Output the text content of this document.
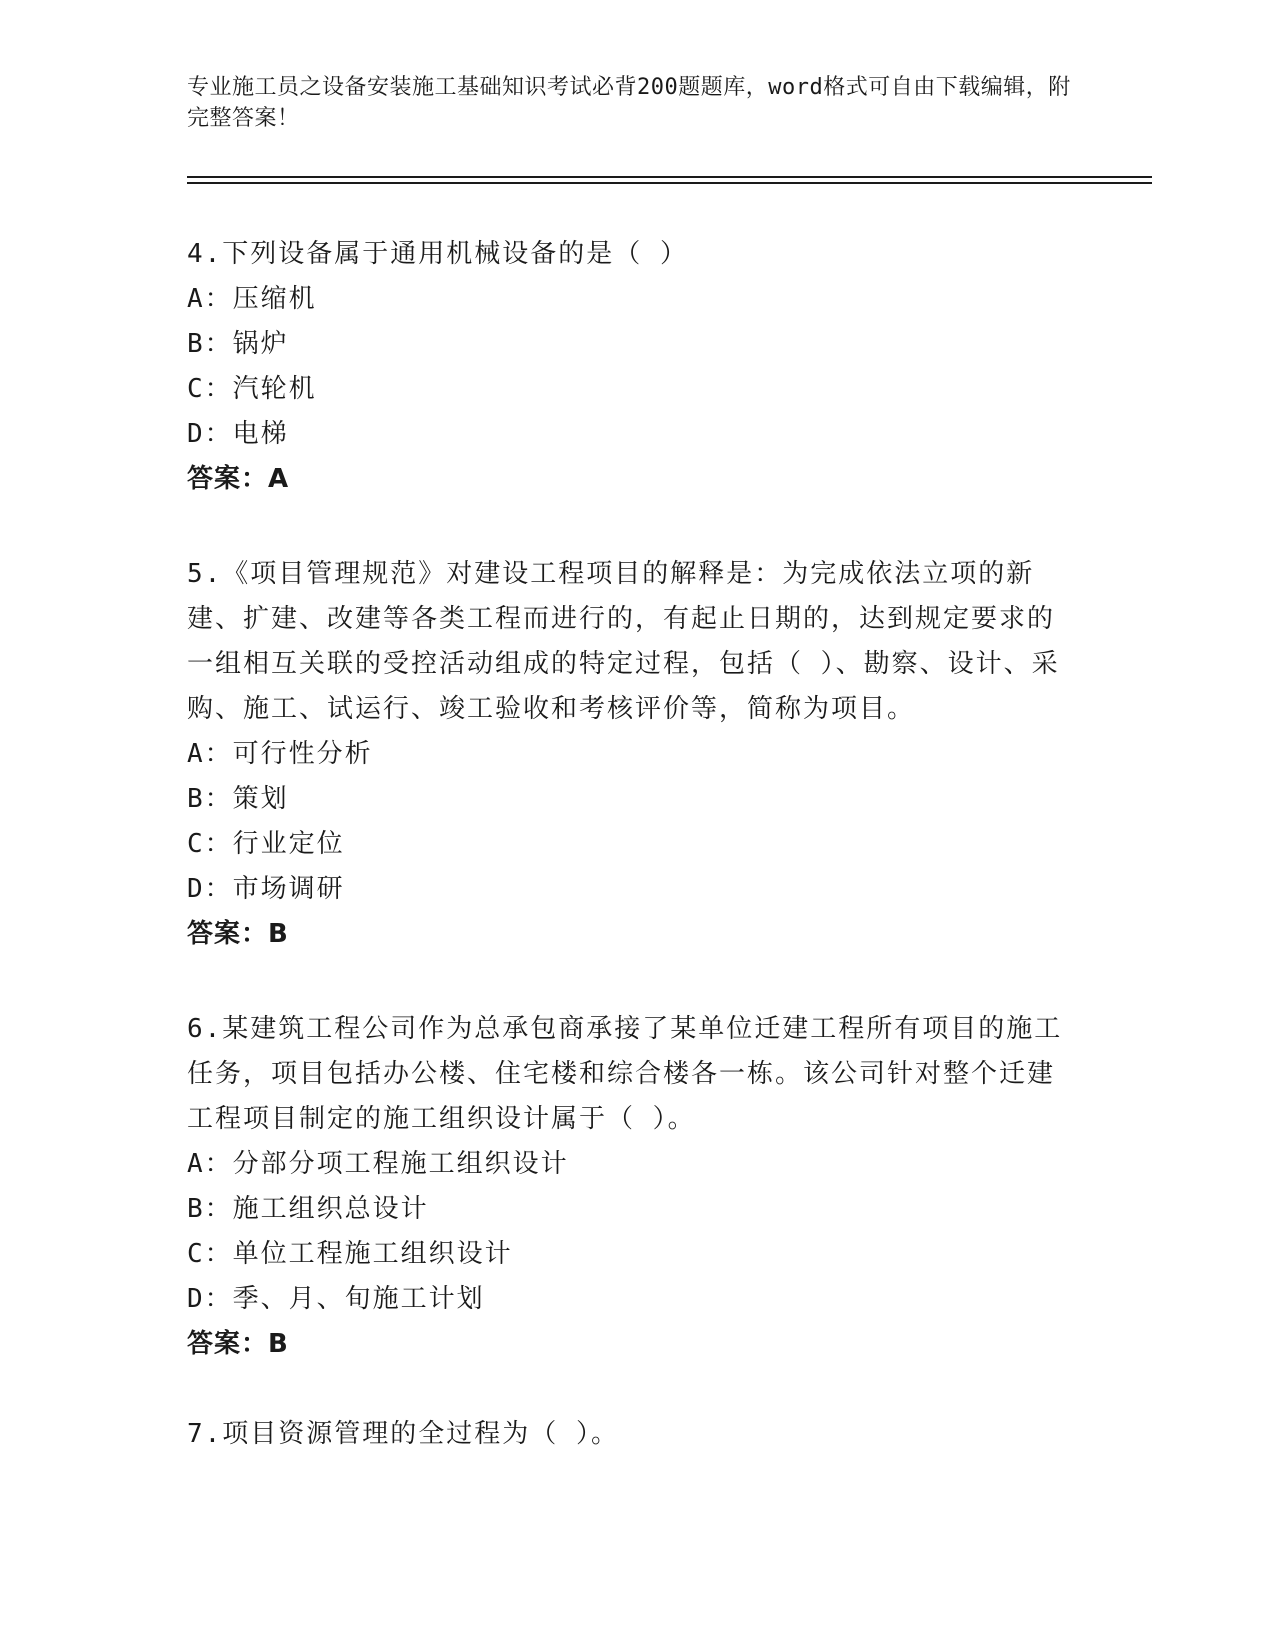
专业施工员之设备安装施工基础知识考试必背200题题库，word格式可自由下载编辑，附完整答案！

4.下列设备属于通用机械设备的是（ ）

A：压缩机

B：锅炉

C：汽轮机

D：电梯

答案：A

5.《项目管理规范》对建设工程项目的解释是：为完成依法立项的新建、扩建、改建等各类工程而进行的，有起止日期的，达到规定要求的一组相互关联的受控活动组成的特定过程，包括（ ）、勘察、设计、采购、施工、试运行、竣工验收和考核评价等，简称为项目。

A：可行性分析

B：策划

C：行业定位

D：市场调研

答案：B

6.某建筑工程公司作为总承包商承接了某单位迁建工程所有项目的施工任务，项目包括办公楼、住宅楼和综合楼各一栋。该公司针对整个迁建工程项目制定的施工组织设计属于（ ）。

A：分部分项工程施工组织设计

B：施工组织总设计

C：单位工程施工组织设计

D：季、月、旬施工计划

答案：B

7.项目资源管理的全过程为（ ）。
